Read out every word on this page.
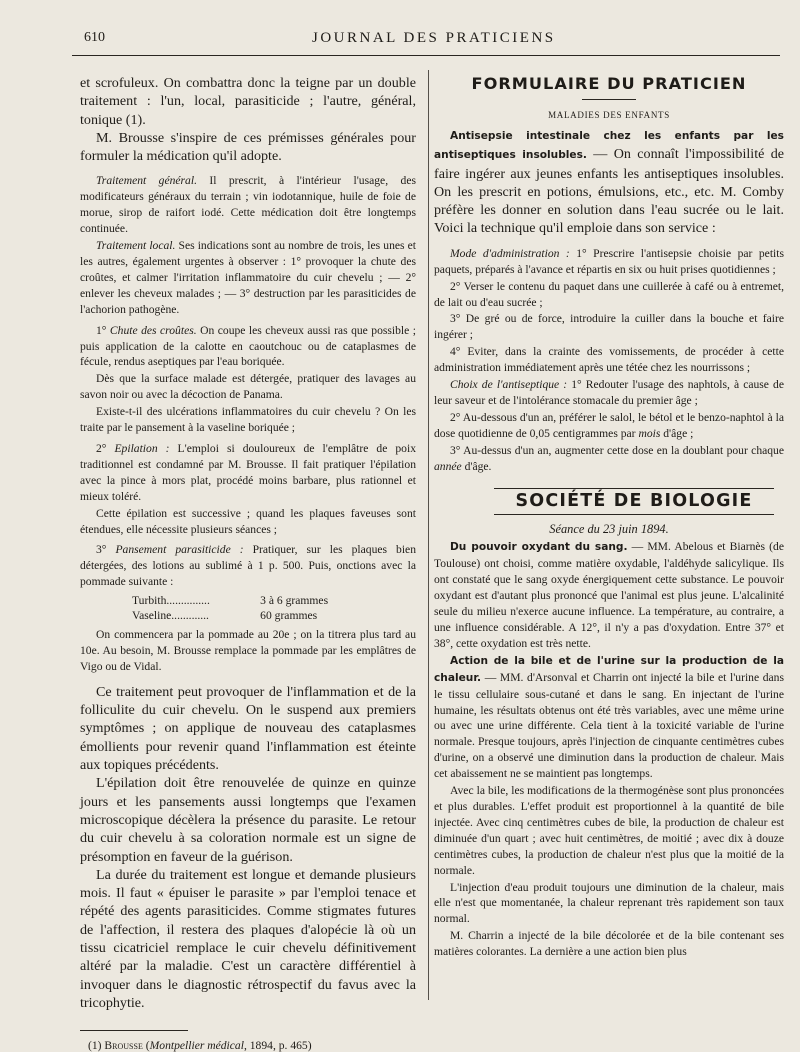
610	JOURNAL DES PRATICIENS

et scrofuleux. On combattra donc la teigne par un double traitement : l'un, local, parasiticide ; l'autre, général, tonique (1).

M. Brousse s'inspire de ces prémisses générales pour formuler la médication qu'il adopte.

Traitement général. Il prescrit, à l'intérieur l'usage, des modificateurs généraux du terrain ; vin iodotannique, huile de foie de morue, sirop de raifort iodé. Cette médication doit être longtemps continuée.

Traitement local. Ses indications sont au nombre de trois, les unes et les autres, également urgentes à observer : 1° provoquer la chute des croûtes, et calmer l'irritation inflammatoire du cuir chevelu ; — 2° enlever les cheveux malades ; — 3° destruction par les parasiticides de l'achorion pathogène.

1° Chute des croûtes. On coupe les cheveux aussi ras que possible ; puis application de la calotte en caoutchouc ou de cataplasmes de fécule, rendus aseptiques par l'eau boriquée.

Dès que la surface malade est détergée, pratiquer des lavages au savon noir ou avec la décoction de Panama.

Existe-t-il des ulcérations inflammatoires du cuir chevelu ? On les traite par le pansement à la vaseline boriquée ;

2° Epilation : L'emploi si douloureux de l'emplâtre de poix traditionnel est condamné par M. Brousse. Il fait pratiquer l'épilation avec la pince à mors plat, procédé moins barbare, plus rationnel et mieux toléré.

Cette épilation est successive ; quand les plaques faveuses sont étendues, elle nécessite plusieurs séances ;

3° Pansement parasiticide : Pratiquer, sur les plaques bien détergées, des lotions au sublimé à 1 p. 500. Puis, onctions avec la pommade suivante :

Turbith...............	3 à 6 grammes
Vaseline.............	60 grammes

On commencera par la pommade au 20e ; on la titrera plus tard au 10e. Au besoin, M. Brousse remplace la pommade par les emplâtres de Vigo ou de Vidal.

Ce traitement peut provoquer de l'inflammation et de la folliculite du cuir chevelu. On le suspend aux premiers symptômes ; on applique de nouveau des cataplasmes émollients pour revenir quand l'inflammation est éteinte aux topiques précédents.

L'épilation doit être renouvelée de quinze en quinze jours et les pansements aussi longtemps que l'examen microscopique décèlera la présence du parasite. Le retour du cuir chevelu à sa coloration normale est un signe de présomption en faveur de la guérison.

La durée du traitement est longue et demande plusieurs mois. Il faut « épuiser le parasite » par l'emploi tenace et répété des agents parasiticides. Comme stigmates futures de l'affection, il restera des plaques d'alopécie là où un tissu cicatriciel remplace le cuir chevelu définitivement altéré par la maladie. C'est un caractère différentiel à invoquer dans le diagnostic rétrospectif du favus avec la tricophytie.

(1) Brousse (Montpellier médical, 1894, p. 465)

FORMULAIRE DU PRATICIEN
MALADIES DES ENFANTS

Antisepsie intestinale chez les enfants par les antiseptiques insolubles. — On connaît l'impossibilité de faire ingérer aux jeunes enfants les antiseptiques insolubles. On les prescrit en potions, émulsions, etc., etc. M. Comby préfère les donner en solution dans l'eau sucrée ou le lait. Voici la technique qu'il emploie dans son service :

Mode d'administration : 1° Prescrire l'antisepsie choisie par petits paquets, préparés à l'avance et répartis en six ou huit prises quotidiennes ;

2° Verser le contenu du paquet dans une cuillerée à café ou à entremet, de lait ou d'eau sucrée ;

3° De gré ou de force, introduire la cuiller dans la bouche et faire ingérer ;

4° Eviter, dans la crainte des vomissements, de procéder à cette administration immédiatement après une tétée chez les nourrissons ;

Choix de l'antiseptique : 1° Redouter l'usage des naphtols, à cause de leur saveur et de l'intolérance stomacale du premier âge ;

2° Au-dessous d'un an, préférer le salol, le bétol et le benzo-naphtol à la dose quotidienne de 0,05 centigrammes par mois d'âge ;

3° Au-dessus d'un an, augmenter cette dose en la doublant pour chaque année d'âge.

SOCIÉTÉ DE BIOLOGIE
Séance du 23 juin 1894.

Du pouvoir oxydant du sang. — MM. Abelous et Biarnès (de Toulouse) ont choisi, comme matière oxydable, l'aldéhyde salicylique. Ils ont constaté que le sang oxyde énergiquement cette substance. Le pouvoir oxydant est d'autant plus prononcé que l'animal est plus jeune. L'alcalinité seule du milieu n'exerce aucune influence. La température, au contraire, a une influence considérable. A 12°, il n'y a pas d'oxydation. Entre 37° et 38°, cette oxydation est très nette.

Action de la bile et de l'urine sur la production de la chaleur. — MM. d'Arsonval et Charrin ont injecté la bile et l'urine dans le tissu cellulaire sous-cutané et dans le sang. En injectant de l'urine humaine, les résultats obtenus ont été très variables, avec une même urine ou avec une urine différente. Cela tient à la toxicité variable de l'urine normale. Presque toujours, après l'injection de cinquante centimètres cubes d'urine, on a observé une diminution dans la production de chaleur. Mais cet abaissement ne se maintient pas longtemps.

Avec la bile, les modifications de la thermogénèse sont plus prononcées et plus durables. L'effet produit est proportionnel à la quantité de bile injectée. Avec cinq centimètres cubes de bile, la production de chaleur est diminuée d'un quart ; avec huit centimètres, de moitié ; avec dix à douze centimètres cubes, la production de chaleur n'est plus que la moitié de la normale.

L'injection d'eau produit toujours une diminution de la chaleur, mais elle n'est que momentanée, la chaleur reprenant très rapidement son taux normal.

M. Charrin a injecté de la bile décolorée et de la bile contenant ses matières colorantes. La dernière a une action bien plus
